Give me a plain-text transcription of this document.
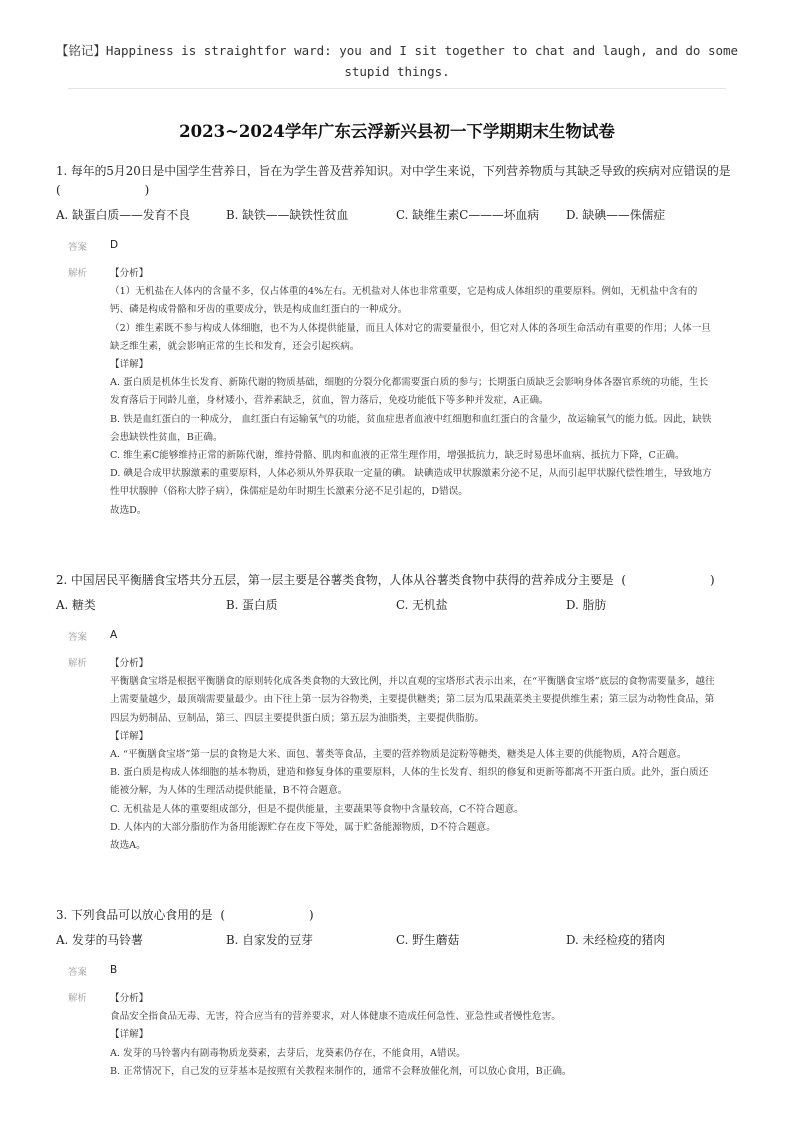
【铭记】Happiness is straightfor ward: you and I sit together to chat and laugh, and do some stupid things.
2023~2024学年广东云浮新兴县初一下学期期末生物试卷
1. 每年的5月20日是中国学生营养日，旨在为学生普及营养知识。对中学生来说，下列营养物质与其缺乏导致的疾病对应错误的是
(	)
A. 缺蛋白质——发育不良	B. 缺铁——缺铁性贫血	C. 缺维生素C———坏血病	D. 缺碘——侏儒症
答案	D
解析	【分析】

（1）无机盐在人体内的含量不多，仅占体重的4%左右。无机盐对人体也非常重要，它是构成人体组织的重要原料。例如，无机盐中含有的钙、磷是构成骨骼和牙齿的重要成分，铁是构成血红蛋白的一种成分。

（2）维生素既不参与构成人体细胞，也不为人体提供能量，而且人体对它的需要量很小，但它对人体的各项生命活动有重要的作用；人体一旦缺乏维生素，就会影响正常的生长和发育，还会引起疾病。

【详解】

A. 蛋白质是机体生长发育、新陈代谢的物质基础，细胞的分裂分化都需要蛋白质的参与；长期蛋白质缺乏会影响身体各器官系统的功能，生长发育落后于同龄儿童，身材矮小，营养素缺乏，贫血，智力落后，免疫功能低下等多种并发症，A正确。

B. 铁是血红蛋白的一种成分， 血红蛋白有运输氧气的功能，贫血症患者血液中红细胞和血红蛋白的含量少，故运输氧气的能力低。因此，缺铁会患缺铁性贫血，B正确。

C. 维生素C能够维持正常的新陈代谢，维持骨骼、肌肉和血液的正常生理作用，增强抵抗力，缺乏时易患坏血病、抵抗力下降，C正确。

D. 碘是合成甲状腺激素的重要原料，人体必须从外界获取一定量的碘。 缺碘造成甲状腺激素分泌不足，从而引起甲状腺代偿性增生，导致地方性甲状腺肿（俗称大脖子病），侏儒症是幼年时期生长激素分泌不足引起的，D错误。

故选D。

2. 中国居民平衡膳食宝塔共分五层，第一层主要是谷薯类食物，人体从谷薯类食物中获得的营养成分主要是 (	)
A. 糖类	B. 蛋白质	C. 无机盐	D. 脂肪
答案	A
解析	【分析】

平衡膳食宝塔是根据平衡膳食的原则转化成各类食物的大致比例，并以直观的宝塔形式表示出来，在“平衡膳食宝塔”底层的食物需要量多，越往上需要量越少，最顶端需要量最少。由下往上第一层为谷物类，主要提供糖类；第二层为瓜果蔬菜类主要提供维生素；第三层为动物性食品，第四层为奶制品、豆制品，第三、四层主要提供蛋白质；第五层为油脂类，主要提供脂肪。

【详解】

A. “平衡膳食宝塔”第一层的食物是大米、面包、薯类等食品，主要的营养物质是淀粉等糖类，糖类是人体主要的供能物质，A符合题意。

B. 蛋白质是构成人体细胞的基本物质，建造和修复身体的重要原料，人体的生长发育、组织的修复和更新等都离不开蛋白质。此外，蛋白质还能被分解，为人体的生理活动提供能量，B不符合题意。

C. 无机盐是人体的重要组成部分，但是不提供能量，主要蔬果等食物中含量较高，C不符合题意。

D. 人体内的大部分脂肪作为备用能源贮存在皮下等处，属于贮备能源物质，D不符合题意。

故选A。

3. 下列食品可以放心食用的是 (	)
A. 发芽的马铃薯	B. 自家发的豆芽	C. 野生蘑菇	D. 未经检疫的猪肉
答案	B
解析	【分析】

食品安全指食品无毒、无害，符合应当有的营养要求，对人体健康不造成任何急性、亚急性或者慢性危害。

【详解】

A. 发芽的马铃薯内有剧毒物质龙葵素，去芽后，龙葵素仍存在，不能食用，A错误。

B. 正常情况下，自己发的豆芽基本是按照有关教程来制作的，通常不会释放催化剂，可以放心食用，B正确。
